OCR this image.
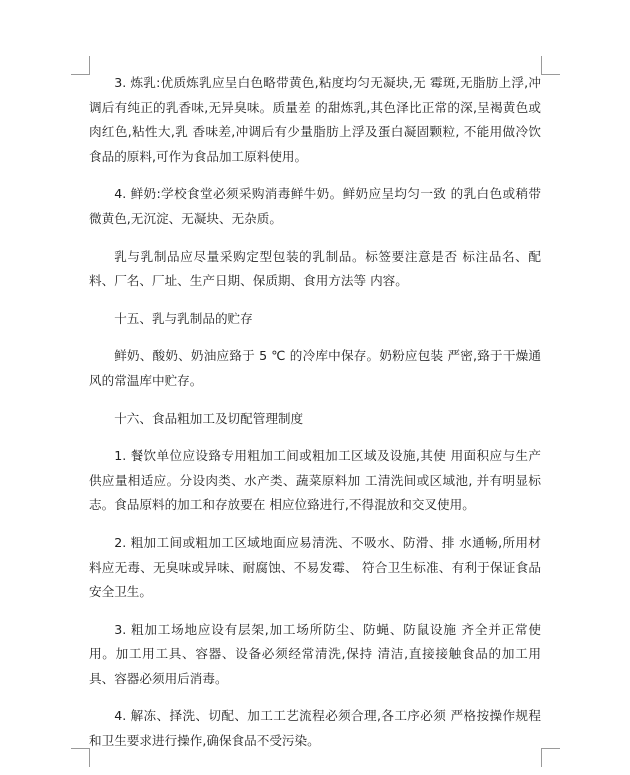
3. 炼乳:优质炼乳应呈白色略带黄色,粘度均匀无凝块,无 霉斑,无脂肪上浮,冲调后有纯正的乳香味,无异臭味。质量差 的甜炼乳,其色泽比正常的深,呈褐黄色或肉红色,粘性大,乳 香味差,冲调后有少量脂肪上浮及蛋白凝固颗粒, 不能用做冷饮 食品的原料,可作为食品加工原料使用。

4. 鲜奶:学校食堂必须采购消毒鲜牛奶。鲜奶应呈均匀一致 的乳白色或稍带微黄色,无沉淀、无凝块、无杂质。

乳与乳制品应尽量采购定型包装的乳制品。标签要注意是否 标注品名、配料、厂名、厂址、生产日期、保质期、食用方法等 内容。

十五、乳与乳制品的贮存

鲜奶、酸奶、奶油应臵于 5 ℃ 的冷库中保存。奶粉应包装 严密,臵于干燥通风的常温库中贮存。

十六、食品粗加工及切配管理制度

1. 餐饮单位应设臵专用粗加工间或粗加工区域及设施,其使 用面积应与生产供应量相适应。分设肉类、水产类、蔬菜原料加 工清洗间或区域池, 并有明显标志。食品原料的加工和存放要在 相应位臵进行,不得混放和交叉使用。

2. 粗加工间或粗加工区域地面应易清洗、不吸水、防滑、排 水通畅,所用材料应无毒、无臭味或异味、耐腐蚀、不易发霉、 符合卫生标准、有利于保证食品安全卫生。

3. 粗加工场地应设有层架,加工场所防尘、防蝇、防鼠设施 齐全并正常使用。加工用工具、容器、设备必须经常清洗,保持 清洁,直接接触食品的加工用具、容器必须用后消毒。

4. 解冻、择洗、切配、加工工艺流程必须合理,各工序必须 严格按操作规程和卫生要求进行操作,确保食品不受污染。
